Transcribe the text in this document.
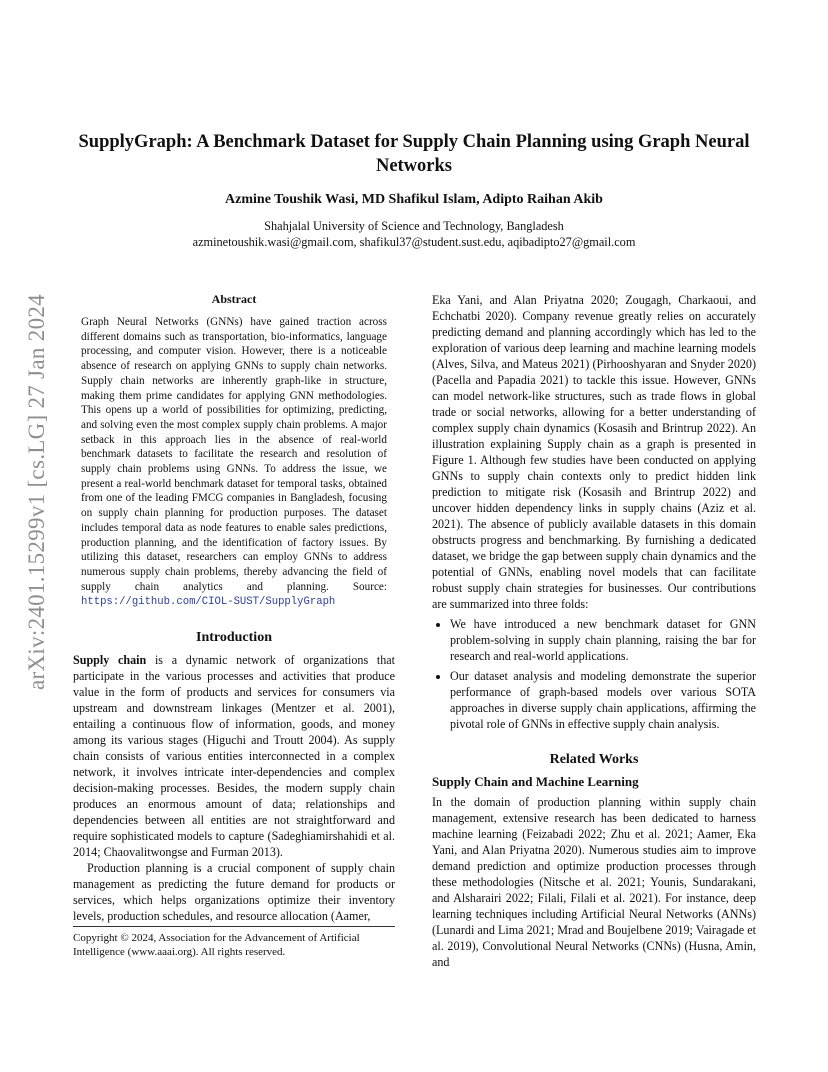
arXiv:2401.15299v1 [cs.LG] 27 Jan 2024
SupplyGraph: A Benchmark Dataset for Supply Chain Planning using Graph Neural Networks

Azmine Toushik Wasi, MD Shafikul Islam, Adipto Raihan Akib

Shahjalal University of Science and Technology, Bangladesh
azminetoushik.wasi@gmail.com, shafikul37@student.sust.edu, aqibadipto27@gmail.com
Abstract

Graph Neural Networks (GNNs) have gained traction across different domains such as transportation, bio-informatics, language processing, and computer vision. However, there is a noticeable absence of research on applying GNNs to supply chain networks. Supply chain networks are inherently graph-like in structure, making them prime candidates for applying GNN methodologies. This opens up a world of possibilities for optimizing, predicting, and solving even the most complex supply chain problems. A major setback in this approach lies in the absence of real-world benchmark datasets to facilitate the research and resolution of supply chain problems using GNNs. To address the issue, we present a real-world benchmark dataset for temporal tasks, obtained from one of the leading FMCG companies in Bangladesh, focusing on supply chain planning for production purposes. The dataset includes temporal data as node features to enable sales predictions, production planning, and the identification of factory issues. By utilizing this dataset, researchers can employ GNNs to address numerous supply chain problems, thereby advancing the field of supply chain analytics and planning. Source: https://github.com/CIOL-SUST/SupplyGraph

Introduction

Supply chain is a dynamic network of organizations that participate in the various processes and activities that produce value in the form of products and services for consumers via upstream and downstream linkages (Mentzer et al. 2001), entailing a continuous flow of information, goods, and money among its various stages (Higuchi and Troutt 2004). As supply chain consists of various entities interconnected in a complex network, it involves intricate inter-dependencies and complex decision-making processes. Besides, the modern supply chain produces an enormous amount of data; relationships and dependencies between all entities are not straightforward and require sophisticated models to capture (Sadeghiamirshahidi et al. 2014; Chaovalitwongse and Furman 2013).

Production planning is a crucial component of supply chain management as predicting the future demand for products or services, which helps organizations optimize their inventory levels, production schedules, and resource allocation (Aamer,

Eka Yani, and Alan Priyatna 2020; Zougagh, Charkaoui, and Echchatbi 2020). Company revenue greatly relies on accurately predicting demand and planning accordingly which has led to the exploration of various deep learning and machine learning models (Alves, Silva, and Mateus 2021) (Pirhooshyaran and Snyder 2020) (Pacella and Papadia 2021) to tackle this issue. However, GNNs can model network-like structures, such as trade flows in global trade or social networks, allowing for a better understanding of complex supply chain dynamics (Kosasih and Brintrup 2022). An illustration explaining Supply chain as a graph is presented in Figure 1. Although few studies have been conducted on applying GNNs to supply chain contexts only to predict hidden link prediction to mitigate risk (Kosasih and Brintrup 2022) and uncover hidden dependency links in supply chains (Aziz et al. 2021). The absence of publicly available datasets in this domain obstructs progress and benchmarking. By furnishing a dedicated dataset, we bridge the gap between supply chain dynamics and the potential of GNNs, enabling novel models that can facilitate robust supply chain strategies for businesses. Our contributions are summarized into three folds:

• We have introduced a new benchmark dataset for GNN problem-solving in supply chain planning, raising the bar for research and real-world applications.
• Our dataset analysis and modeling demonstrate the superior performance of graph-based models over various SOTA approaches in diverse supply chain applications, affirming the pivotal role of GNNs in effective supply chain analysis.
Related Works
Supply Chain and Machine Learning

In the domain of production planning within supply chain management, extensive research has been dedicated to harness machine learning (Feizabadi 2022; Zhu et al. 2021; Aamer, Eka Yani, and Alan Priyatna 2020). Numerous studies aim to improve demand prediction and optimize production processes through these methodologies (Nitsche et al. 2021; Younis, Sundarakani, and Alsharairi 2022; Filali, Filali et al. 2021). For instance, deep learning techniques including Artificial Neural Networks (ANNs) (Lunardi and Lima 2021; Mrad and Boujelbene 2019; Vairagade et al. 2019), Convolutional Neural Networks (CNNs) (Husna, Amin, and

Copyright © 2024, Association for the Advancement of Artificial Intelligence (www.aaai.org). All rights reserved.
